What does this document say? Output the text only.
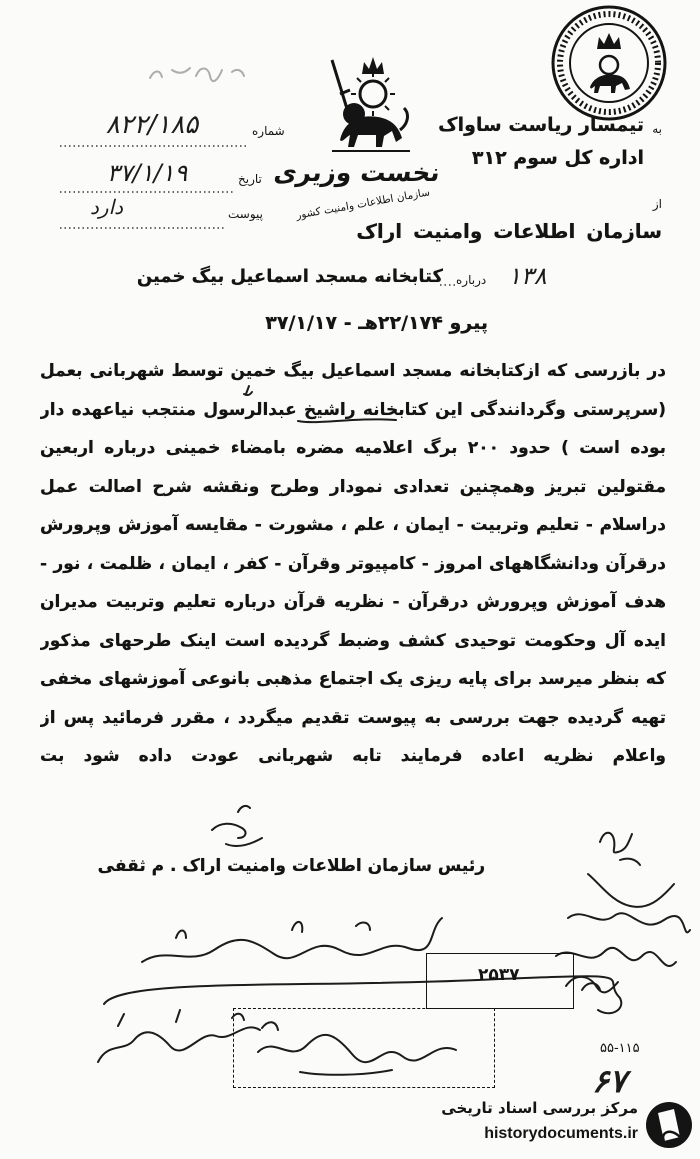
به
تیمسار ریاست ساواک
اداره کل سوم ۳۱۲
نخست وزیری
سازمان اطلاعات وامنیت کشور
شماره
۸۲۲/۱۸۵
تاریخ
۳۷/۱/۱۹
پیوست
دارد	از
سازمان اطلاعات وامنیت اراک
۱۳۸
درباره
کتابخانه مسجد اسماعیل بیگ خمین
پیرو ۲۲/۱۷۴هـ - ۳۷/۱/۱۷
در بازرسی که ازکتابخانه مسجد اسماعیل بیگ خمین توسط شهربانی بعمل
(سرپرستی وگردانندگی این کتابخانه راشیخ عبدالرسول منتجب نیاعهده دار
بوده است ) حدود ۲۰۰ برگ اعلامیه مضره بامضاء خمینی درباره اربعین
مقتولین تبریز وهمچنین تعدادی نمودار وطرح ونقشه شرح اصالت عمل
دراسلام - تعلیم وتربیت - ایمان ، علم ، مشورت - مقایسه آموزش وپرورش
درقرآن ودانشگاههای امروز - کامپیوتر وقرآن - کفر ، ایمان ، ظلمت ، نور -
هدف آموزش وپرورش درقرآن - نظریه قرآن درباره تعلیم وتربیت مدیران
ایده آل وحکومت توحیدی کشف وضبط گردیده است اینک طرحهای مذکور
که بنظر میرسد برای پایه ریزی یک اجتماع مذهبی بانوعی آموزشهای مخفی
تهیه گردیده جهت بررسی به پیوست تقدیم میگردد ، مقرر فرمائید پس از
واعلام نظریه اعاده فرمایند تابه شهربانی عودت داده شود بت
رئیس سازمان اطلاعات وامنیت اراک . م ثقفی
۲۵۳۷
۵۵-۱۱۵
۶۷
مرکز بررسی اسناد تاریخی
historydocuments.ir
